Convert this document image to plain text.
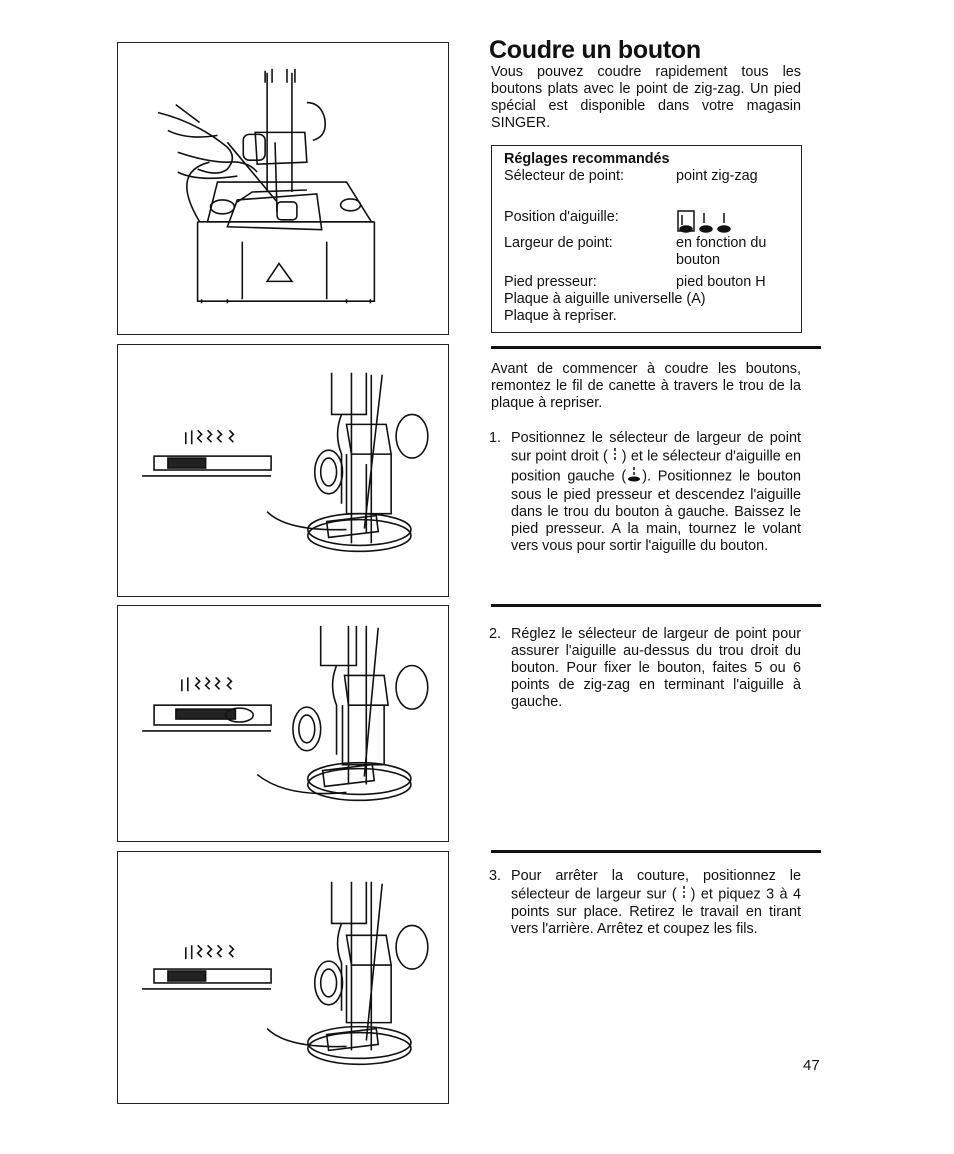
Coudre un bouton

Vous pouvez coudre rapidement tous les boutons plats avec le point de zig-zag. Un pied spécial est disponible dans votre magasin SINGER.

Réglages recommandés
Sélecteur de point:	point zig-zag
Position d'aiguille:
Largeur de point:	en fonction du bouton
Pied presseur:	pied bouton H
Plaque à aiguille universelle (A)
Plaque à repriser.

Avant de commencer à coudre les boutons, remontez le fil de canette à travers le trou de la plaque à repriser.

1. Positionnez le sélecteur de largeur de point sur point droit ( ) et le sélecteur d'aiguille en position gauche ( ). Positionnez le bouton sous le pied presseur et descendez l'aiguille dans le trou du bouton à gauche. Baissez le pied presseur. A la main, tournez le volant vers vous pour sortir l'aiguille du bouton.

2. Réglez le sélecteur de largeur de point pour assurer l'aiguille au-dessus du trou droit du bouton. Pour fixer le bouton, faites 5 ou 6 points de zig-zag en terminant l'aiguille à gauche.

3. Pour arrêter la couture, positionnez le sélecteur de largeur sur ( ) et piquez 3 à 4 points sur place. Retirez le travail en tirant vers l'arrière. Arrêtez et coupez les fils.

47
